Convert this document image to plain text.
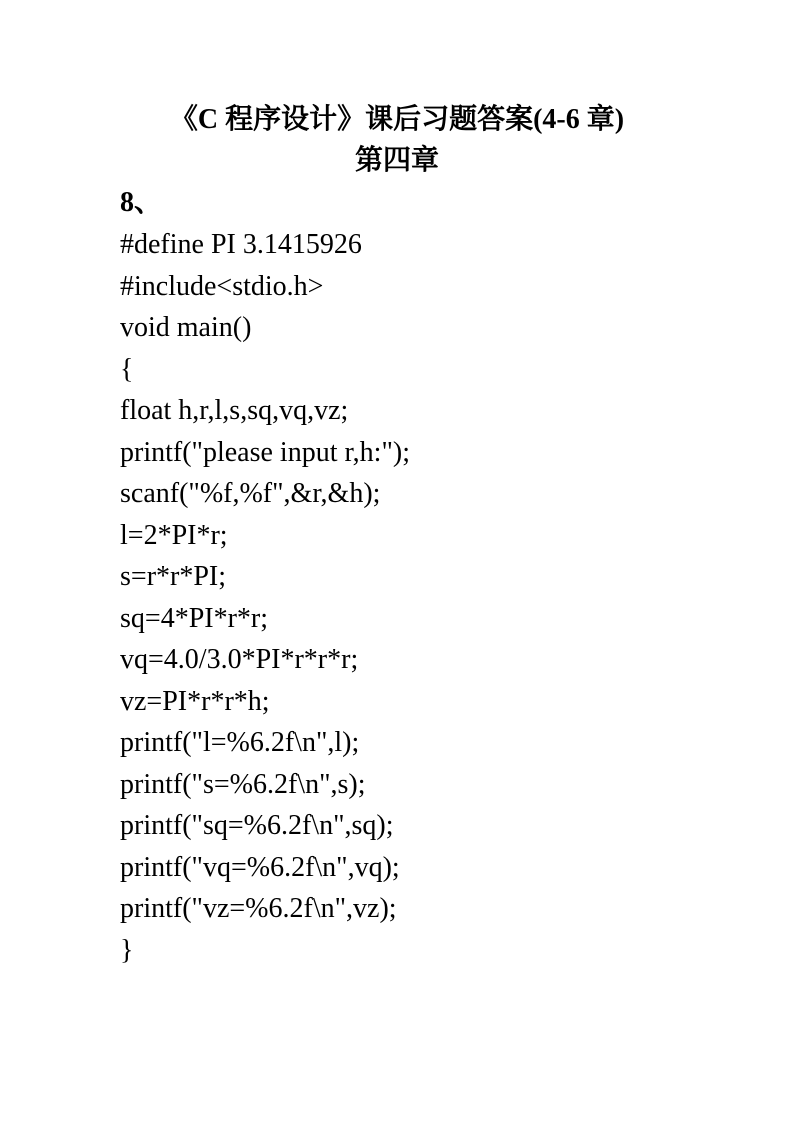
《C 程序设计》课后习题答案(4-6 章)
第四章
8、
#define PI 3.1415926
#include<stdio.h>
void main()
{
float h,r,l,s,sq,vq,vz;
printf("please input r,h:");
scanf("%f,%f",&r,&h);
l=2*PI*r;
s=r*r*PI;
sq=4*PI*r*r;
vq=4.0/3.0*PI*r*r*r;
vz=PI*r*r*h;
printf("l=%6.2f\n",l);
printf("s=%6.2f\n",s);
printf("sq=%6.2f\n",sq);
printf("vq=%6.2f\n",vq);
printf("vz=%6.2f\n",vz);
}
